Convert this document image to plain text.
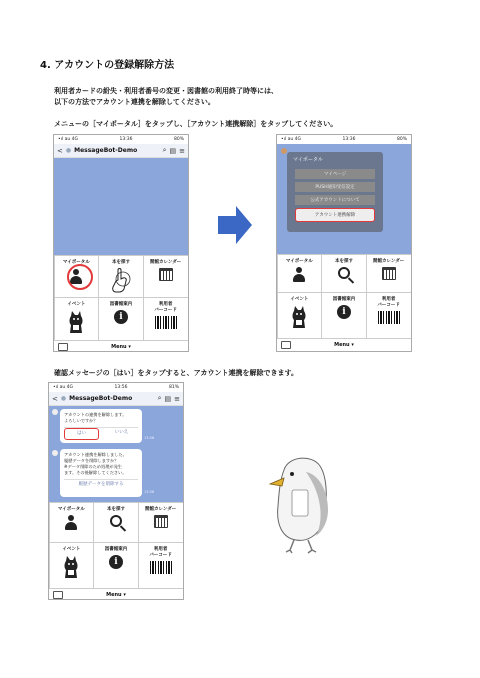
4. アカウントの登録解除方法
利用者カードの紛失・利用者番号の変更・図書館の利用終了時等には、
以下の方法でアカウント連携を解除してください。
メニューの［マイポータル］をタップし、［アカウント連携解除］をタップしてください。
•ıl au 4G	13:36	80%
< ● MessageBot-Demo	⌕ ▤ ≡
マイポータル	本を探す	開館カレンダー
イベント	図書館案内
i
利用者
バーコード
Menu ▾
•ıl au 4G	13:36	80%
マイポータル
マイページ
PUSH通知受信設定
公式アカウントについて
アカウント連携解除
マイポータル	本を探す	開館カレンダー
イベント	図書館案内
i
利用者
バーコード
Menu ▾
確認メッセージの［はい］をタップすると、アカウント連携を解除できます。
•ıl au 4G	13:56	81%
< ● MessageBot-Demo	⌕ ▤ ≡
アカウントの連携を解除します。
よろしいですか？
はい	いいえ
13:56
アカウント連携を解除しました。
履歴データを削除しますか？
※データ削除のため処理が発生
ます。その後解除してください。
履歴データを削除する
13:56
マイポータル	本を探す	開館カレンダー
イベント	図書館案内
i
利用者
バーコード
Menu ▾
